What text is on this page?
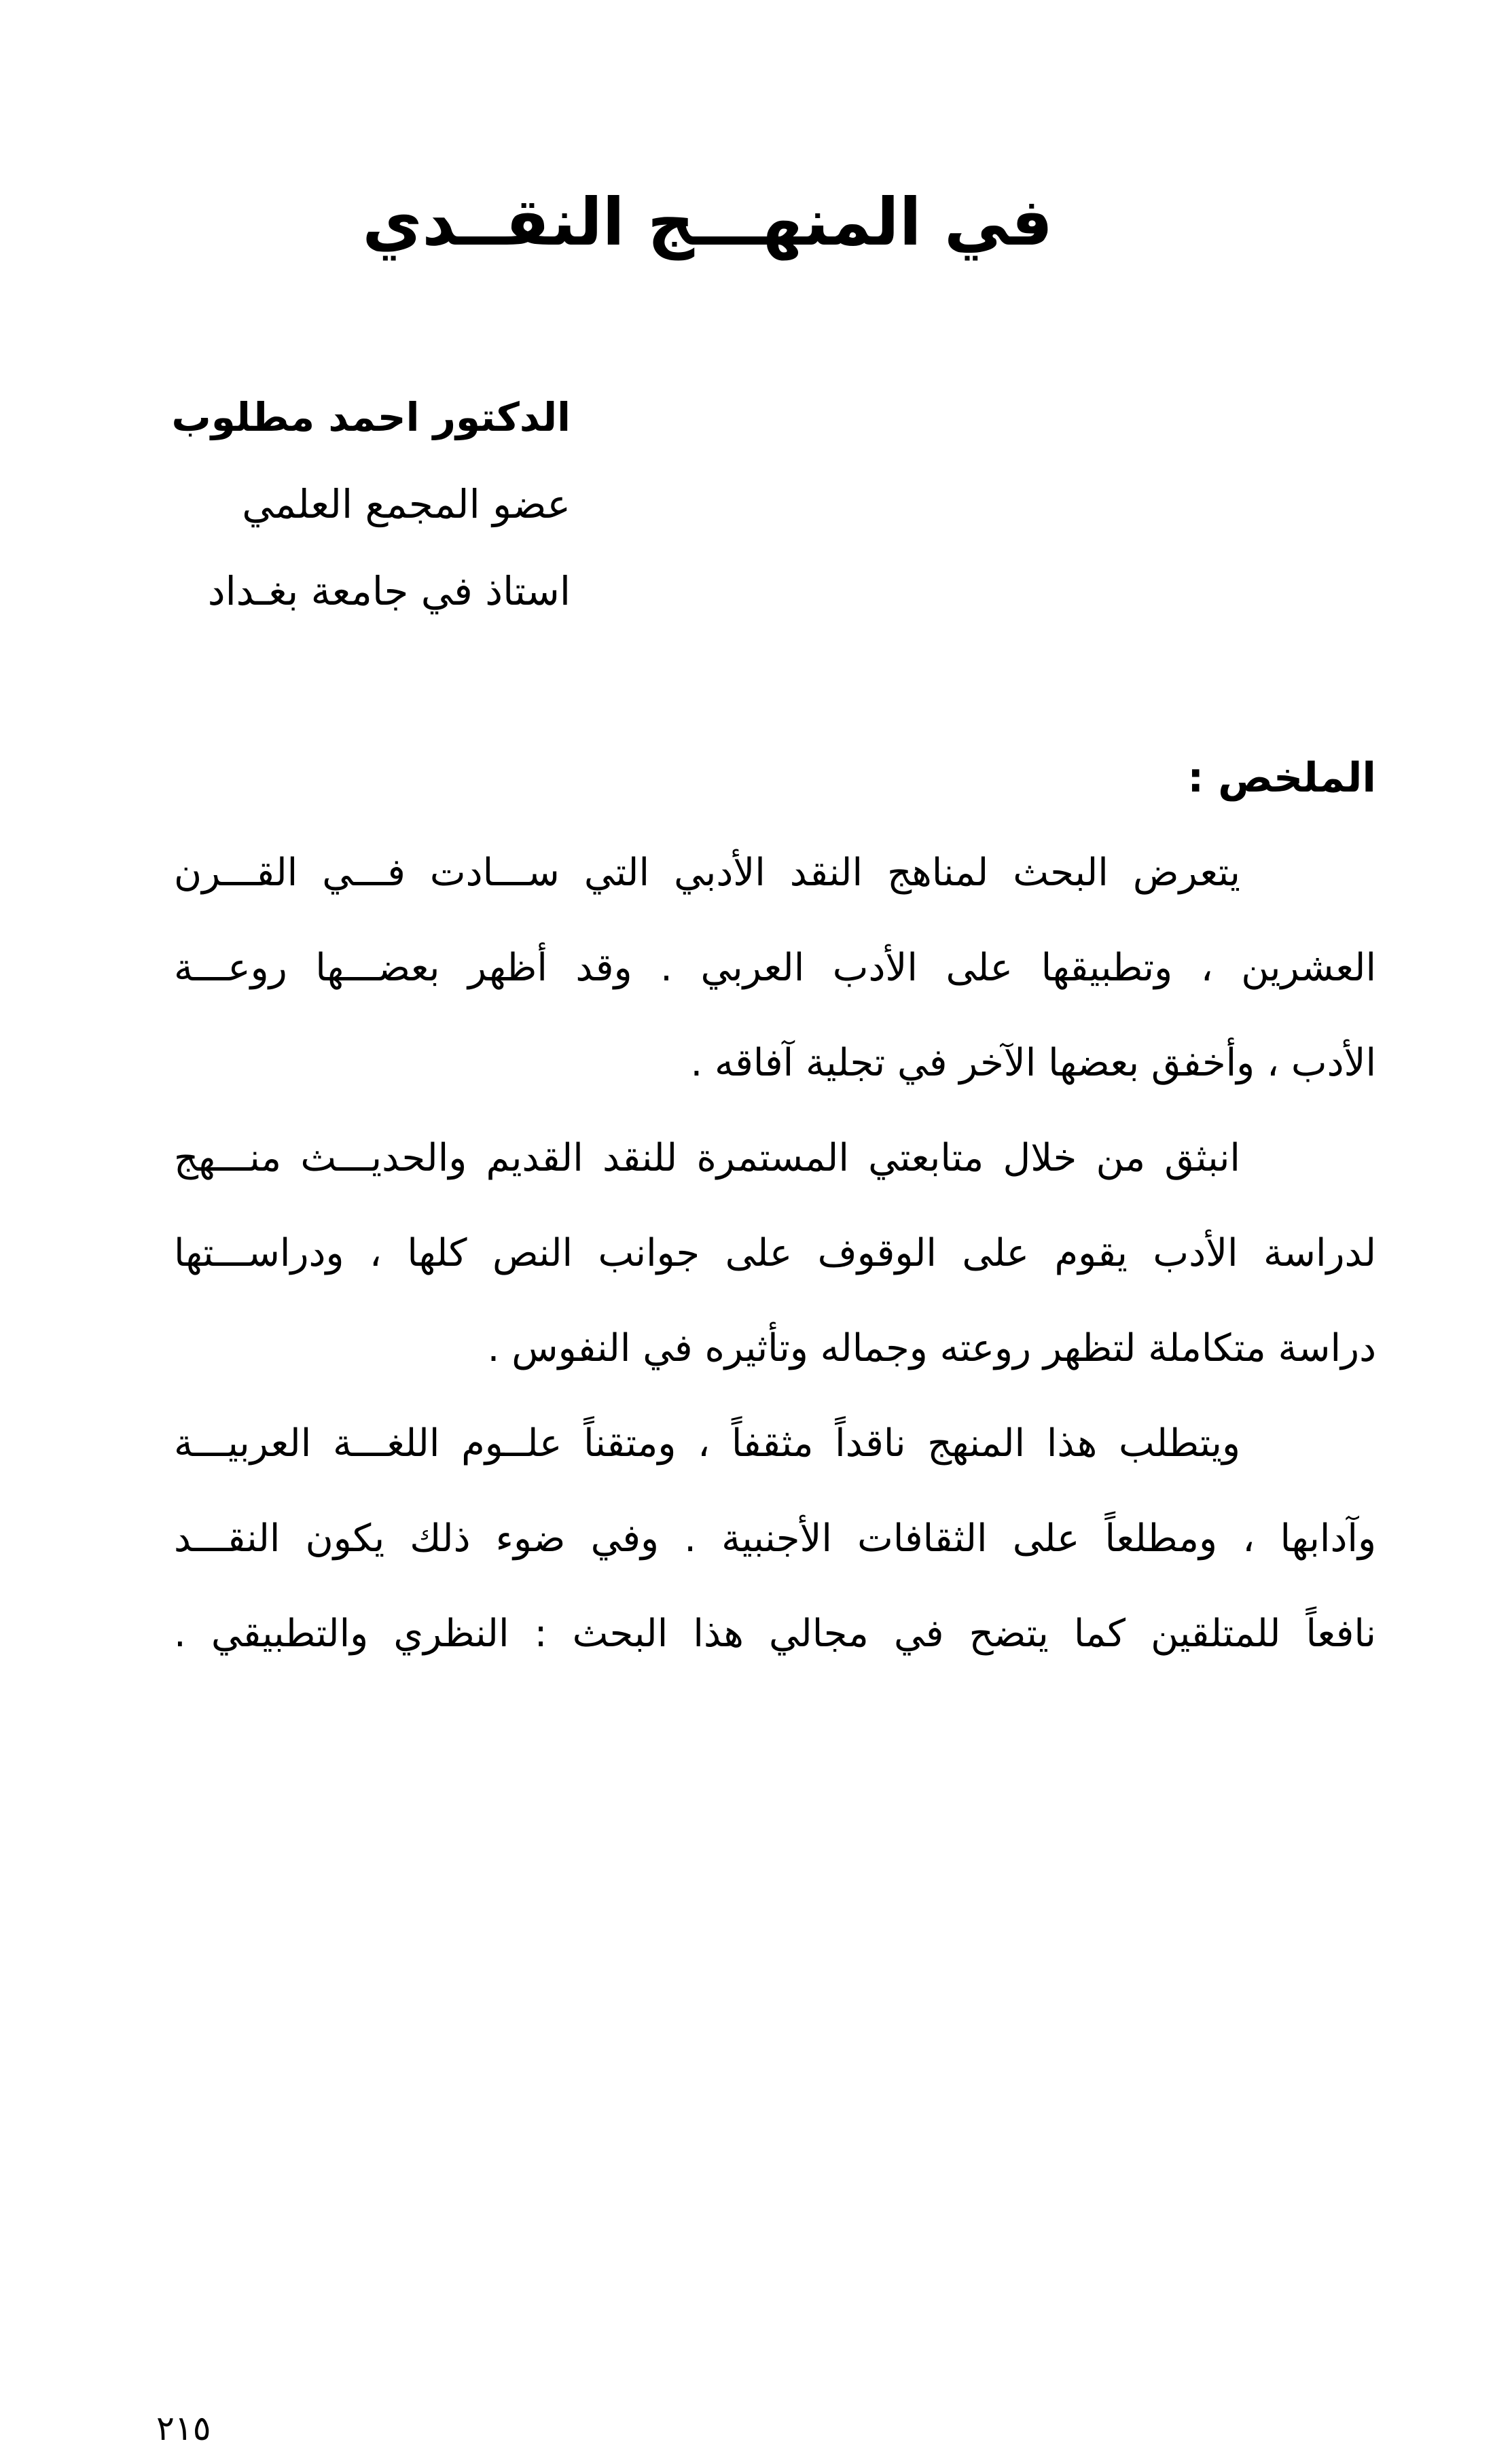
في المنهـــج النقــدي
الدكتور احمد مطلوب
عضو المجمع العلمي
استاذ في جامعة بغـداد
الملخص :
يتعرض البحث لمناهج النقد الأدبي التي ســـادت فـــي القـــرن
العشرين ، وتطبيقها على الأدب العربي . وقد أظهر بعضـــها روعـــة
الأدب ، وأخفق بعضها الآخر في تجلية آفاقه .
انبثق من خلال متابعتي المستمرة للنقد القديم والحديـــث منـــهج
لدراسة الأدب يقوم على الوقوف على جوانب النص كلها ، ودراســـتها
دراسة متكاملة لتظهر روعته وجماله وتأثيره في النفوس .
ويتطلب هذا المنهج ناقداً مثقفاً ، ومتقناً علــوم اللغـــة العربيـــة
وآدابها ، ومطلعاً على الثقافات الأجنبية . وفي ضوء ذلك يكون النقـــد
نافعاً للمتلقين كما يتضح في مجالي هذا البحث : النظري والتطبيقي .
٢١٥
